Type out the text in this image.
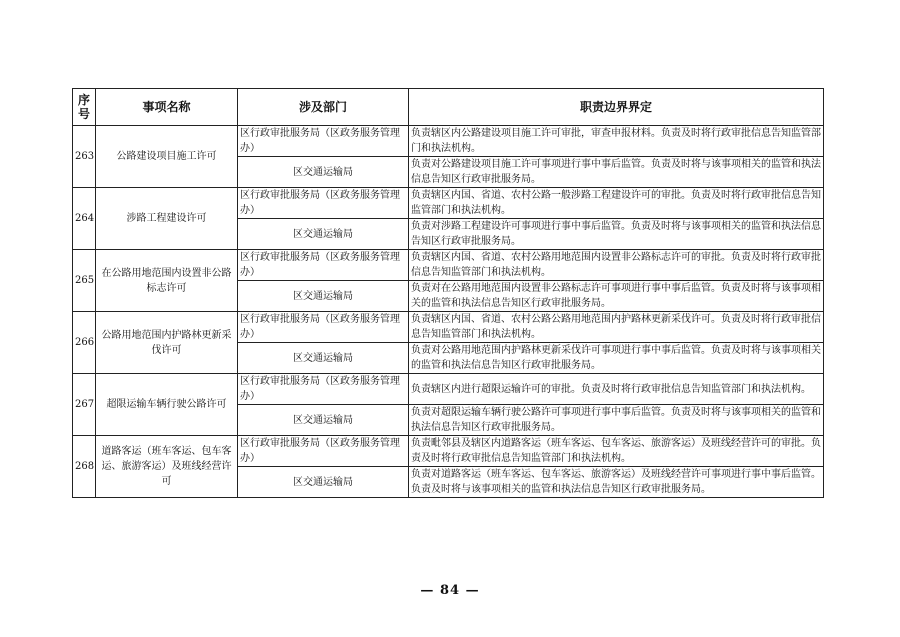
序号	事项名称	涉及部门	职责边界界定
263	公路建设项目施工许可	区行政审批服务局（区政务服务管理办）	负责辖区内公路建设项目施工许可审批，审查申报材料。负责及时将行政审批信息告知监管部门和执法机构。
		区交通运输局	负责对公路建设项目施工许可事项进行事中事后监管。负责及时将与该事项相关的监管和执法信息告知区行政审批服务局。
264	涉路工程建设许可	区行政审批服务局（区政务服务管理办）	负责辖区内国、省道、农村公路一般涉路工程建设许可的审批。负责及时将行政审批信息告知监管部门和执法机构。
		区交通运输局	负责对涉路工程建设许可事项进行事中事后监管。负责及时将与该事项相关的监管和执法信息告知区行政审批服务局。
265	在公路用地范围内设置非公路标志许可	区行政审批服务局（区政务服务管理办）	负责辖区内国、省道、农村公路用地范围内设置非公路标志许可的审批。负责及时将行政审批信息告知监管部门和执法机构。
		区交通运输局	负责对在公路用地范围内设置非公路标志许可事项进行事中事后监管。负责及时将与该事项相关的监管和执法信息告知区行政审批服务局。
266	公路用地范围内护路林更新采伐许可	区行政审批服务局（区政务服务管理办）	负责辖区内国、省道、农村公路公路用地范围内护路林更新采伐许可。负责及时将行政审批信息告知监管部门和执法机构。
		区交通运输局	负责对公路用地范围内护路林更新采伐许可事项进行事中事后监管。负责及时将与该事项相关的监管和执法信息告知区行政审批服务局。
267	超限运输车辆行驶公路许可	区行政审批服务局（区政务服务管理办）	负责辖区内进行超限运输许可的审批。负责及时将行政审批信息告知监管部门和执法机构。
		区交通运输局	负责对超限运输车辆行驶公路许可事项进行事中事后监管。负责及时将与该事项相关的监管和执法信息告知区行政审批服务局。
268	道路客运（班车客运、包车客运、旅游客运）及班线经营许可	区行政审批服务局（区政务服务管理办）	负责毗邻县及辖区内道路客运（班车客运、包车客运、旅游客运）及班线经营许可的审批。负责及时将行政审批信息告知监管部门和执法机构。
		区交通运输局	负责对道路客运（班车客运、包车客运、旅游客运）及班线经营许可事项进行事中事后监管。负责及时将与该事项相关的监管和执法信息告知区行政审批服务局。
— 84 —
